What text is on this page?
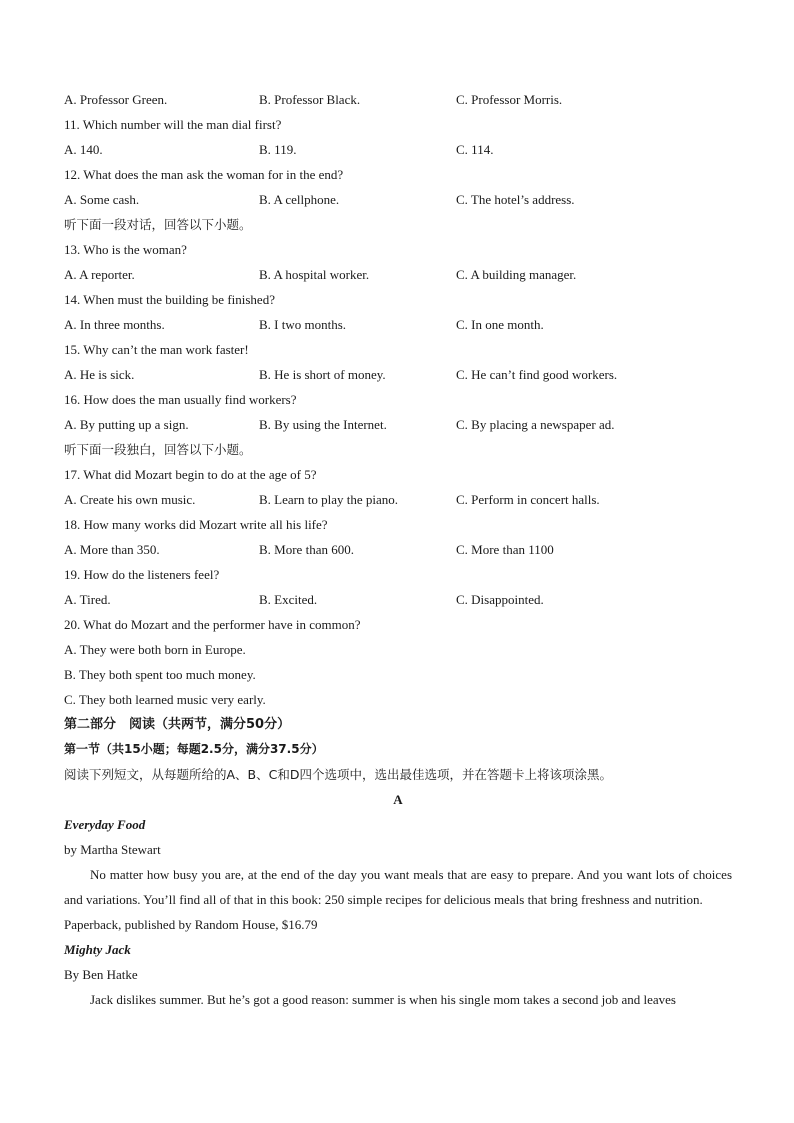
A. Professor Green.	B. Professor Black.	C. Professor Morris.
11. Which number will the man dial first?
A. 140.	B. 119.	C. 114.
12. What does the man ask the woman for in the end?
A. Some cash.	B. A cellphone.	C. The hotel’s address.
听下面一段对话，回答以下小题。
13. Who is the woman?
A. A reporter.	B. A hospital worker.	C. A building manager.
14. When must the building be finished?
A. In three months.	B. I two months.	C. In one month.
15. Why can’t the man work faster!
A. He is sick.	B. He is short of money.	C. He can’t find good workers.
16. How does the man usually find workers?
A. By putting up a sign.	B. By using the Internet.	C. By placing a newspaper ad.
听下面一段独白，回答以下小题。
17. What did Mozart begin to do at the age of 5?
A. Create his own music.	B. Learn to play the piano.	C. Perform in concert halls.
18. How many works did Mozart write all his life?
A. More than 350.	B. More than 600.	C. More than 1100
19. How do the listeners feel?
A. Tired.	B. Excited.	C. Disappointed.
20. What do Mozart and the performer have in common?
A. They were both born in Europe.
B. They both spent too much money.
C. They both learned music very early.
第二部分　阅读（共两节，满分50分）
第一节（共15小题；每题2.5分，满分37.5分）
阅读下列短文，从每题所给的A、B、C和D四个选项中，选出最佳选项，并在答题卡上将该项涂黑。
A
Everyday Food
by Martha Stewart
No matter how busy you are, at the end of the day you want meals that are easy to prepare. And you want lots of choices and variations. You’ll find all of that in this book: 250 simple recipes for delicious meals that bring freshness and nutrition.
Paperback, published by Random House, $16.79
Mighty Jack
By Ben Hatke
Jack dislikes summer. But he’s got a good reason: summer is when his single mom takes a second job and leaves
